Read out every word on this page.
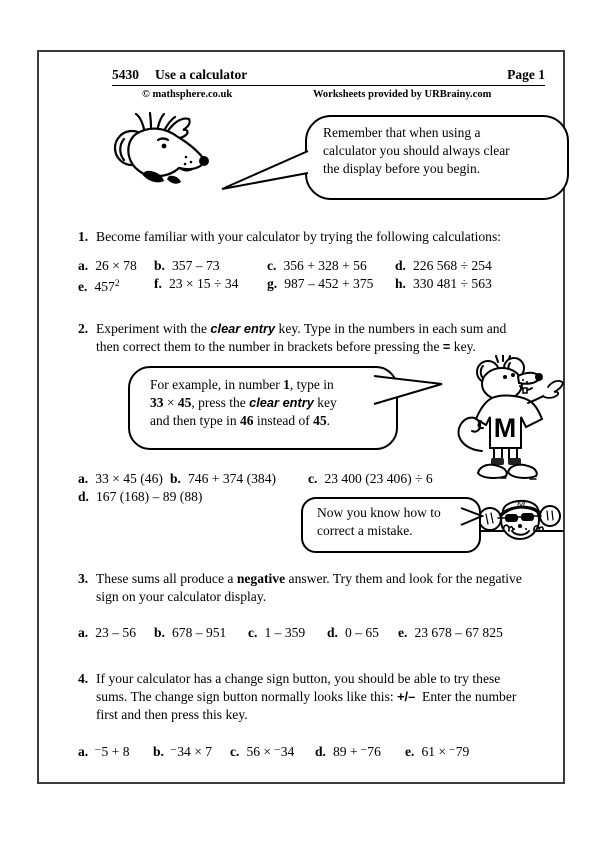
5430 Use a calculator	Page 1
© mathsphere.co.uk	Worksheets provided by URBrainy.com
Remember that when using a
calculator you should always clear
the display before you begin.
1. Become familiar with your calculator by trying the following calculations:
a. 26 × 78	b. 357 – 73	c. 356 + 328 + 56	d. 226 568 ÷ 254
e. $457^2$	f. 23 × 15 ÷ 34	g. 987 – 452 + 375	h. 330 481 ÷ 563
2. Experiment with the clear entry key. Type in the numbers in each sum and
then correct them to the number in brackets before pressing the = key.
For example, in number 1, type in
33 × 45, press the clear entry key
and then type in 46 instead of 45.	M
a. 33 × 45 (46) b. 746 + 374 (384)	c. 23 400 (23 406) ÷ 6
d. 167 (168) – 89 (88)
Now you know how to
correct a mistake.
M
3. These sums all produce a negative answer. Try them and look for the negative
sign on your calculator display.
a. 23 – 56	b. 678 – 951	c. 1 – 359	d. 0 – 65	e. 23 678 – 67 825
4. If your calculator has a change sign button, you should be able to try these
sums. The change sign button normally looks like this: +/–  Enter the number
first and then press this key.
a. –5 + 8	b. –34 × 7	c. 56 × –34	d. 89 + –76	e. 61 × –79
